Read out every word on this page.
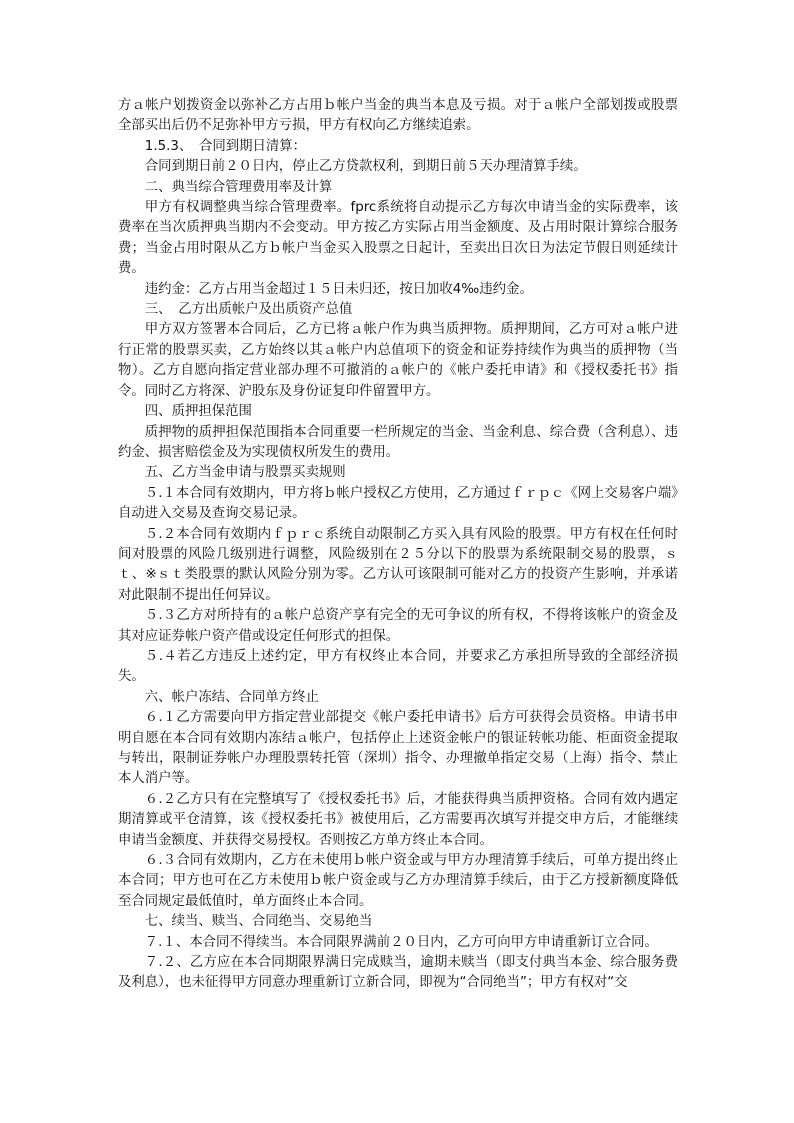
方ａ帐户划拨资金以弥补乙方占用ｂ帐户当金的典当本息及亏损。对于ａ帐户全部划拨或股票全部买出后仍不足弥补甲方亏损，甲方有权向乙方继续追索。

1.5.3、　合同到期日清算：

合同到期日前２０日内，停止乙方贷款权利，到期日前５天办理清算手续。

二、典当综合管理费用率及计算

甲方有权调整典当综合管理费率。fprc系统将自动提示乙方每次申请当金的实际费率，该费率在当次质押典当期内不会变动。甲方按乙方实际占用当金额度、及占用时限计算综合服务费；当金占用时限从乙方ｂ帐户当金买入股票之日起计，至卖出日次日为法定节假日则延续计费。

违约金：乙方占用当金超过１５日未归还，按日加收4‰违约金。

三、　乙方出质帐户及出质资产总值

甲方双方签署本合同后，乙方已将ａ帐户作为典当质押物。质押期间，乙方可对ａ帐户进行正常的股票买卖，乙方始终以其ａ帐户内总值项下的资金和证券持续作为典当的质押物（当物）。乙方自愿向指定营业部办理不可撤消的ａ帐户的《帐户委托申请》和《授权委托书》指令。同时乙方将深、沪股东及身份证复印件留置甲方。

四、质押担保范围

质押物的质押担保范围指本合同重要一栏所规定的当金、当金利息、综合费（含利息）、违约金、损害赔偿金及为实现债权所发生的费用。

五、乙方当金申请与股票买卖规则

５.１本合同有效期内，甲方将ｂ帐户授权乙方使用，乙方通过ｆｒｐｃ《网上交易客户端》自动进入交易及查询交易记录。

５.２本合同有效期内ｆｐｒｃ系统自动限制乙方买入具有风险的股票。甲方有权在任何时间对股票的风险几级别进行调整，风险级别在２５分以下的股票为系统限制交易的股票，ｓｔ、※ｓｔ类股票的默认风险分别为零。乙方认可该限制可能对乙方的投资产生影响，并承诺对此限制不提出任何异议。

５.３乙方对所持有的ａ帐户总资产享有完全的无可争议的所有权，不得将该帐户的资金及其对应证券帐户资产借或设定任何形式的担保。

５.４若乙方违反上述约定，甲方有权终止本合同，并要求乙方承担所导致的全部经济损失。

六、帐户冻结、合同单方终止

６.１乙方需要向甲方指定营业部提交《帐户委托申请书》后方可获得会员资格。申请书申明自愿在本合同有效期内冻结ａ帐户，包括停止上述资金帐户的银证转帐功能、柜面资金提取与转出，限制证券帐户办理股票转托管（深圳）指令、办理撤单指定交易（上海）指令、禁止本人消户等。

６.２乙方只有在完整填写了《授权委托书》后，才能获得典当质押资格。合同有效内遇定期清算或平仓清算，该《授权委托书》被使用后，乙方需要再次填写并提交申方后，才能继续申请当金额度、并获得交易授权。否则按乙方单方终止本合同。

６.３合同有效期内，乙方在未使用ｂ帐户资金或与甲方办理清算手续后，可单方提出终止本合同；甲方也可在乙方未使用ｂ帐户资金或与乙方办理清算手续后，由于乙方授新额度降低至合同规定最低值时，单方面终止本合同。

七、续当、赎当、合同绝当、交易绝当

７.１、本合同不得续当。本合同限界满前２０日内，乙方可向甲方申请重新订立合同。

７.２、乙方应在本合同期限界满日完成赎当，逾期未赎当（即支付典当本金、综合服务费及利息），也未征得甲方同意办理重新订立新合同，即视为“合同绝当”；甲方有权对“交
